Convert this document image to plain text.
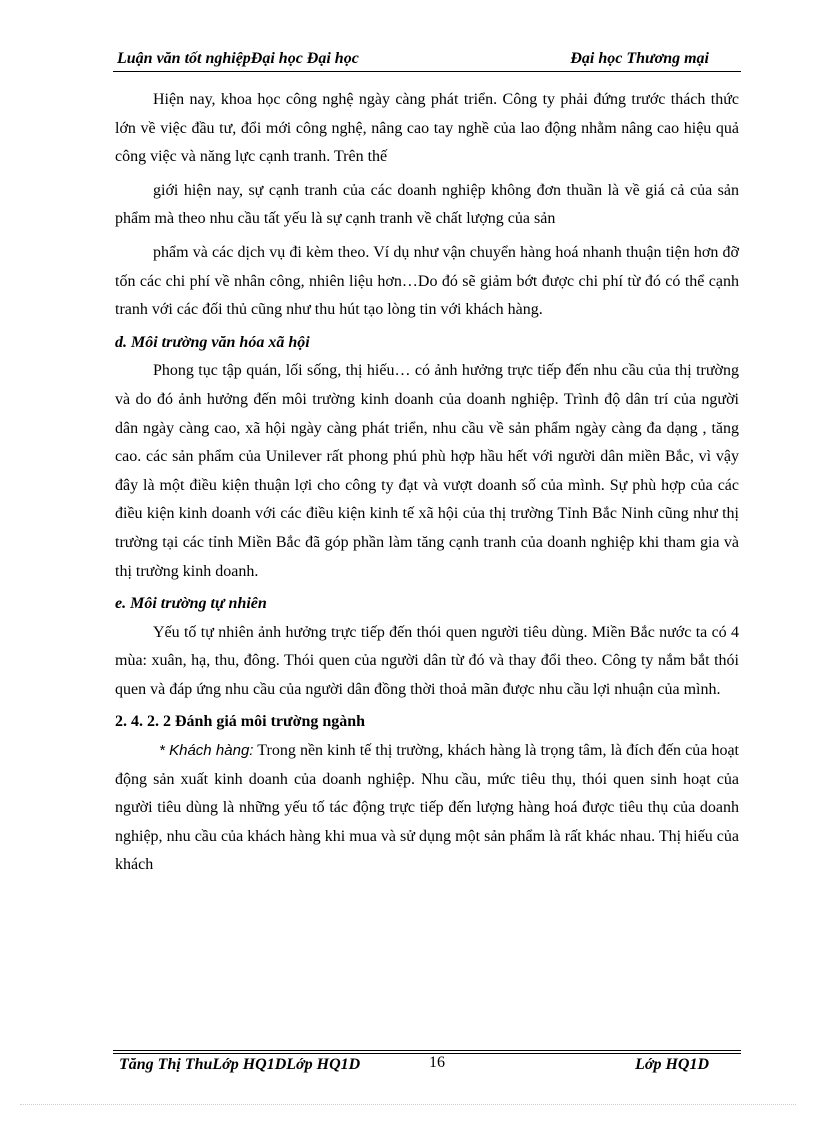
Luận văn tốt nghiệpĐại học Đại học	Đại học Thương mại

Hiện nay, khoa học công nghệ ngày càng phát triển. Công ty phải đứng trước thách thức lớn về việc đầu tư, đổi mới công nghệ, nâng cao tay nghề của lao động nhằm nâng cao hiệu quả công việc và năng lực cạnh tranh. Trên thế

giới hiện nay, sự cạnh tranh của các doanh nghiệp không đơn thuần là về giá cả của sản phẩm mà theo nhu cầu tất yếu là sự cạnh tranh về chất lượng của sản

phẩm và các dịch vụ đi kèm theo. Ví dụ như vận chuyển hàng hoá nhanh thuận tiện hơn đỡ tốn các chi phí về nhân công, nhiên liệu hơn…Do đó sẽ giảm bớt được chi phí từ đó có thể cạnh tranh với các đối thủ cũng như thu hút tạo lòng tin với khách hàng.

d. Môi trường văn hóa xã hội

Phong tục tập quán, lối sống, thị hiếu… có ảnh hưởng trực tiếp đến nhu cầu của thị trường và do đó ảnh hưởng đến môi trường kinh doanh của doanh nghiệp. Trình độ dân trí của người dân ngày càng cao, xã hội ngày càng phát triển, nhu cầu về sản phẩm ngày càng đa dạng , tăng cao. các sản phẩm của Unilever rất phong phú phù hợp hầu hết với người dân miền Bắc, vì vậy đây là một điều kiện thuận lợi cho công ty đạt và vượt doanh số của mình. Sự phù hợp của các điều kiện kinh doanh với các điều kiện kinh tế xã hội của thị trường Tỉnh Bắc Ninh cũng như thị trường tại các tỉnh Miền Bắc đã góp phần làm tăng cạnh tranh của doanh nghiệp khi tham gia và thị trường kinh doanh.

e. Môi trường tự nhiên

Yếu tố tự nhiên ảnh hưởng trực tiếp đến thói quen người tiêu dùng. Miền Bắc nước ta có 4 mùa: xuân, hạ, thu, đông. Thói quen của người dân từ đó và thay đổi theo. Công ty nắm bắt thói quen và đáp ứng nhu cầu của người dân đồng thời thoả mãn được nhu cầu lợi nhuận của mình.

2. 4. 2. 2 Đánh giá môi trường ngành

* Khách hàng: Trong nền kinh tế thị trường, khách hàng là trọng tâm, là đích đến của hoạt động sản xuất kinh doanh của doanh nghiệp. Nhu cầu, mức tiêu thụ, thói quen sinh hoạt của người tiêu dùng là những yếu tố tác động trực tiếp đến lượng hàng hoá được tiêu thụ của doanh nghiệp, nhu cầu của khách hàng khi mua và sử dụng một sản phẩm là rất khác nhau. Thị hiếu của khách

Tăng Thị ThuLớp HQ1DLớp HQ1D	16	Lớp HQ1D
